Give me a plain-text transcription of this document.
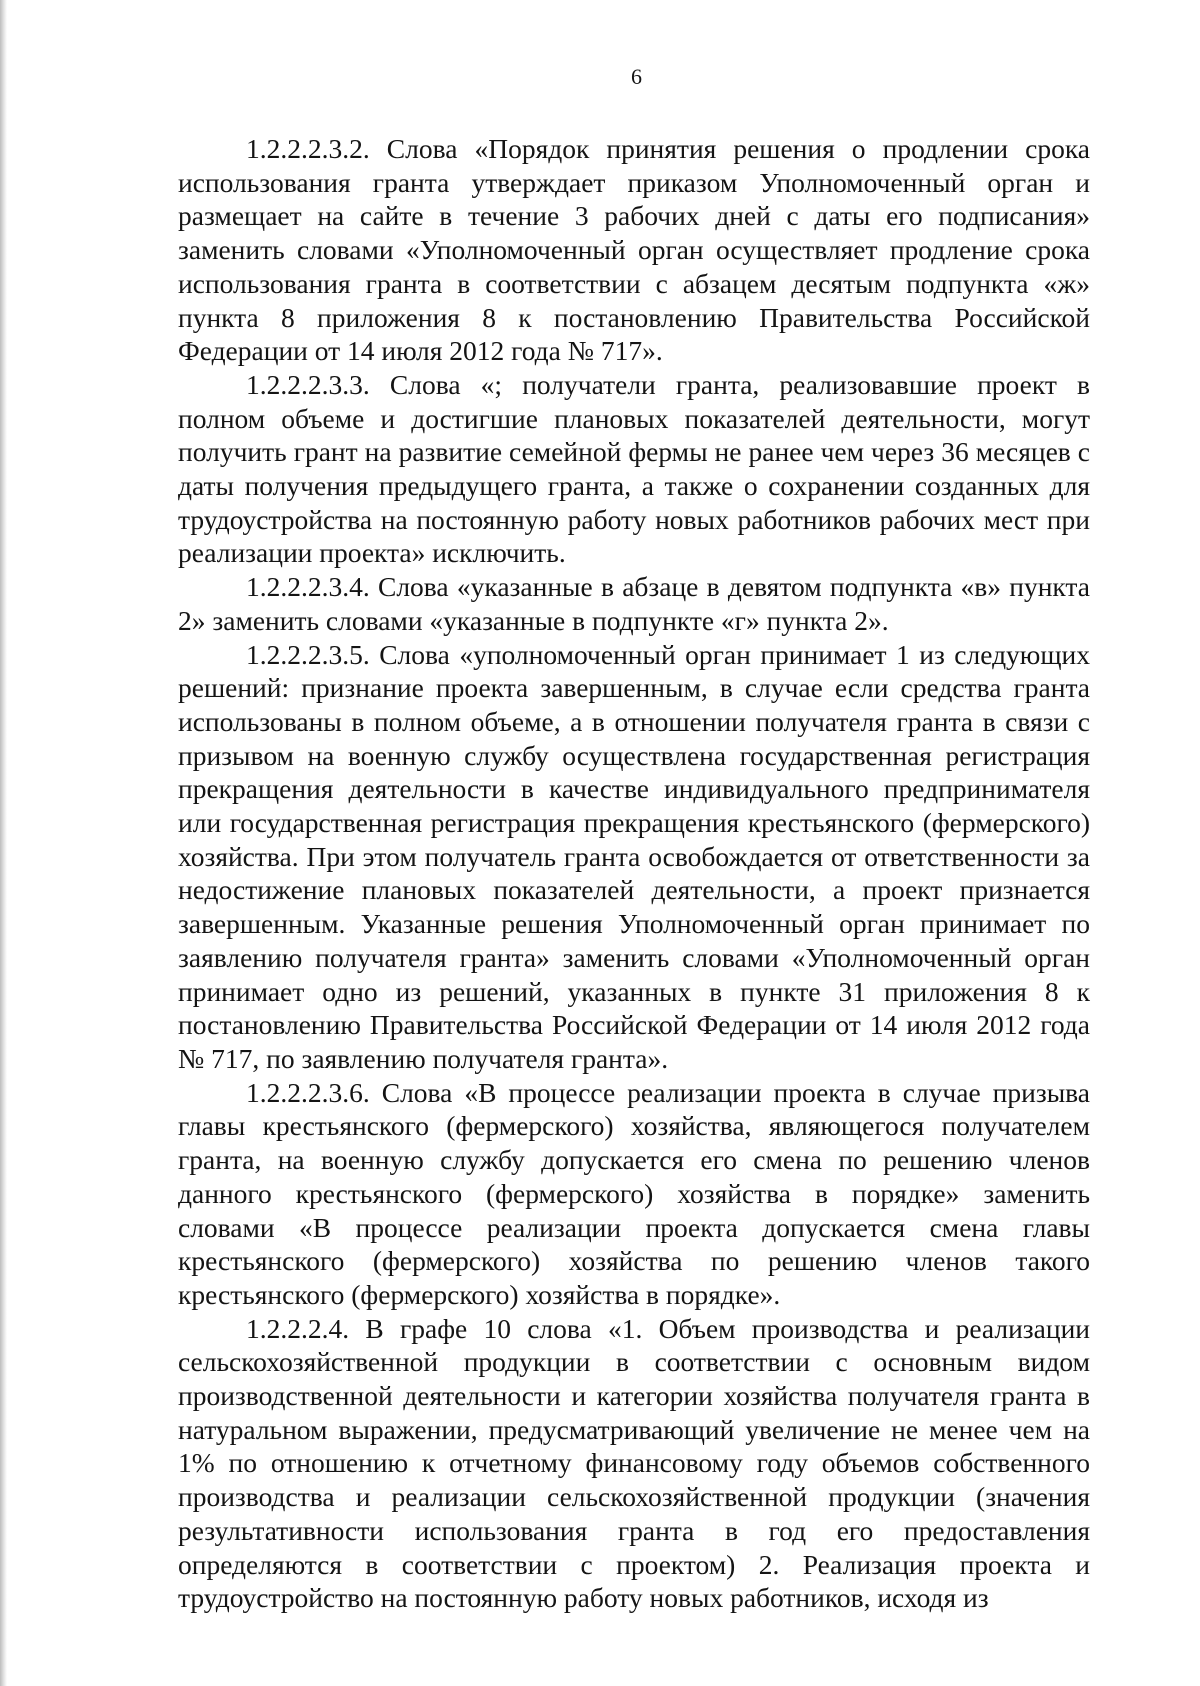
6

1.2.2.2.3.2. Слова «Порядок принятия решения о продлении срока использования гранта утверждает приказом Уполномоченный орган и размещает на сайте в течение 3 рабочих дней с даты его подписания» заменить словами «Уполномоченный орган осуществляет продление срока использования гранта в соответствии с абзацем десятым подпункта «ж» пункта 8 приложения 8 к постановлению Правительства Российской Федерации от 14 июля 2012 года № 717».

1.2.2.2.3.3. Слова «; получатели гранта, реализовавшие проект в полном объеме и достигшие плановых показателей деятельности, могут получить грант на развитие семейной фермы не ранее чем через 36 месяцев с даты получения предыдущего гранта, а также о сохранении созданных для трудоустройства на постоянную работу новых работников рабочих мест при реализации проекта» исключить.

1.2.2.2.3.4. Слова «указанные в абзаце в девятом подпункта «в» пункта 2» заменить словами «указанные в подпункте «г» пункта 2».

1.2.2.2.3.5. Слова «уполномоченный орган принимает 1 из следующих решений: признание проекта завершенным, в случае если средства гранта использованы в полном объеме, а в отношении получателя гранта в связи с призывом на военную службу осуществлена государственная регистрация прекращения деятельности в качестве индивидуального предпринимателя или государственная регистрация прекращения крестьянского (фермерского) хозяйства. При этом получатель гранта освобождается от ответственности за недостижение плановых показателей деятельности, а проект признается завершенным. Указанные решения Уполномоченный орган принимает по заявлению получателя гранта» заменить словами «Уполномоченный орган принимает одно из решений, указанных в пункте 31 приложения 8 к постановлению Правительства Российской Федерации от 14 июля 2012 года № 717, по заявлению получателя гранта».

1.2.2.2.3.6. Слова «В процессе реализации проекта в случае призыва главы крестьянского (фермерского) хозяйства, являющегося получателем гранта, на военную службу допускается его смена по решению членов данного крестьянского (фермерского) хозяйства в порядке» заменить словами «В процессе реализации проекта допускается смена главы крестьянского (фермерского) хозяйства по решению членов такого крестьянского (фермерского) хозяйства в порядке».

1.2.2.2.4. В графе 10 слова «1. Объем производства и реализации сельскохозяйственной продукции в соответствии с основным видом производственной деятельности и категории хозяйства получателя гранта в натуральном выражении, предусматривающий увеличение не менее чем на 1% по отношению к отчетному финансовому году объемов собственного производства и реализации сельскохозяйственной продукции (значения результативности использования гранта в год его предоставления определяются в соответствии с проектом) 2. Реализация проекта и трудоустройство на постоянную работу новых работников, исходя из
